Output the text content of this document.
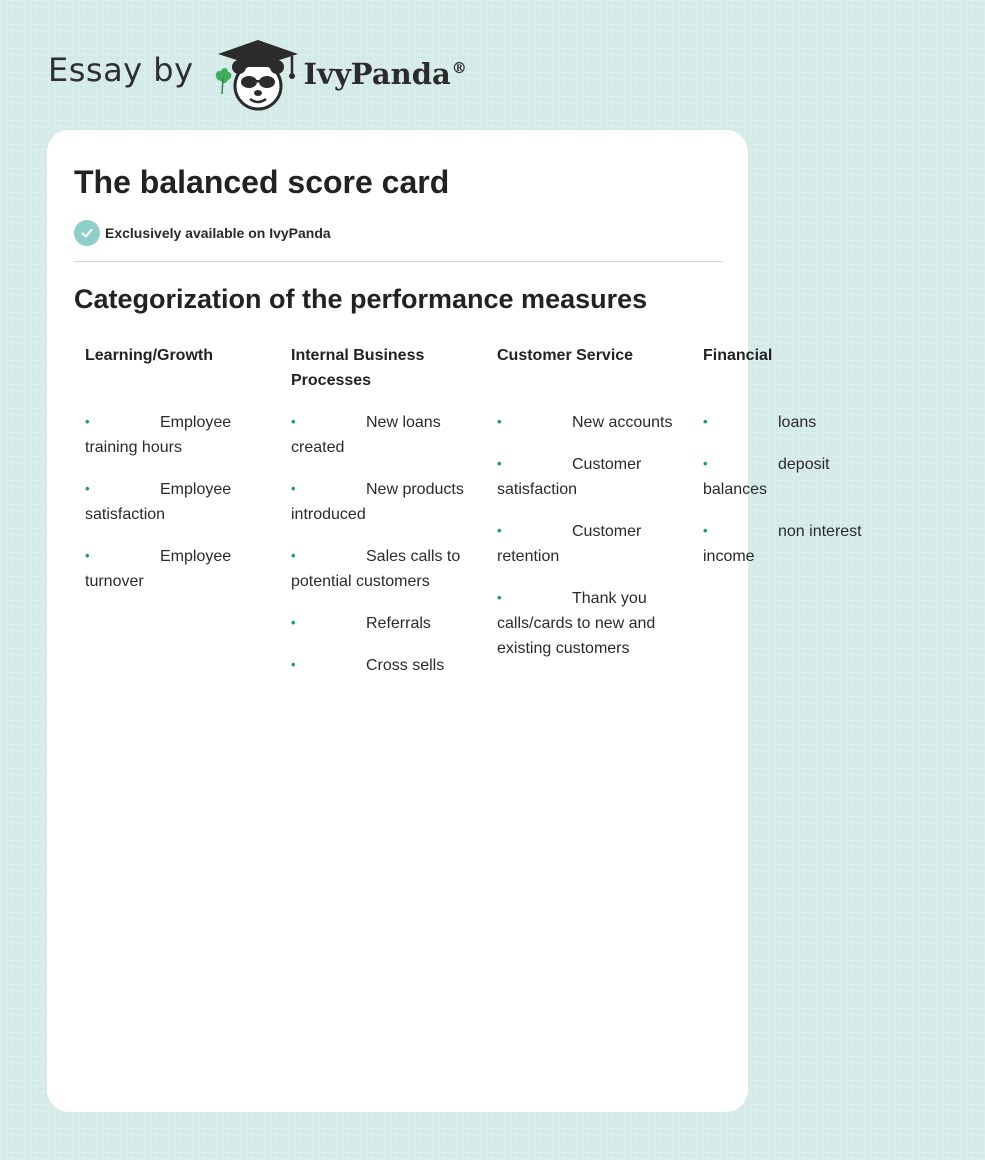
Essay by	IvyPanda®
The balanced score card
Exclusively available on IvyPanda
Categorization of the performance measures
Learning/Growth
•	Employee training hours
•	Employee satisfaction
•	Employee turnover
Internal Business Processes
•	New loans created
•	New products introduced
•	Sales calls to potential customers
•	Referrals
•	Cross sells
Customer Service
•	New accounts
•	Customer satisfaction
•	Customer retention
•	Thank you calls/cards to new and existing customers
Financial
•	loans
•	deposit balances
•	non interest income
